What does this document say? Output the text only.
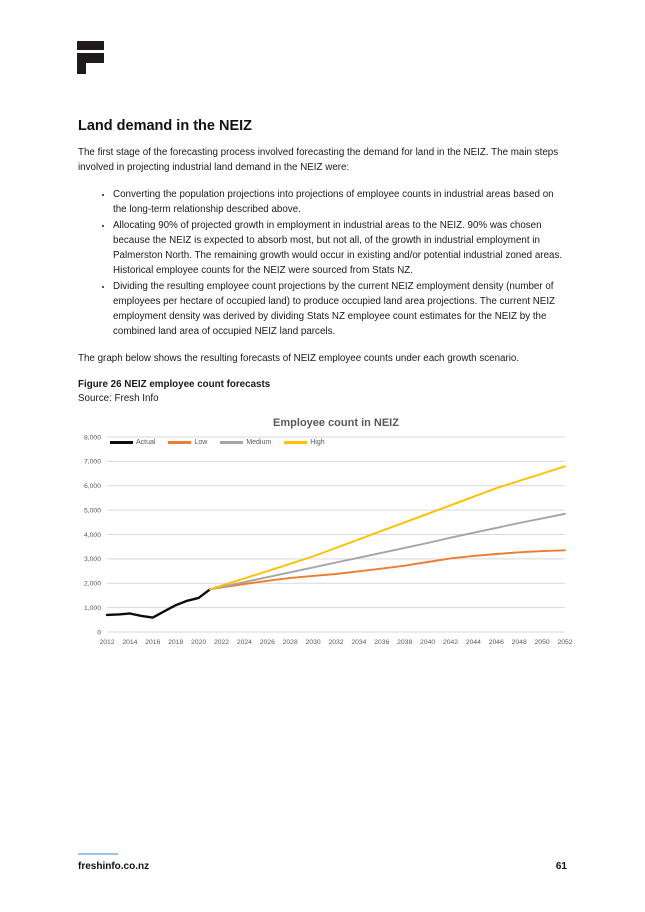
Land demand in the NEIZ

The first stage of the forecasting process involved forecasting the demand for land in the NEIZ. The main steps involved in projecting industrial land demand in the NEIZ were:

• Converting the population projections into projections of employee counts in industrial areas based on the long-term relationship described above.
• Allocating 90% of projected growth in employment in industrial areas to the NEIZ. 90% was chosen because the NEIZ is expected to absorb most, but not all, of the growth in industrial employment in Palmerston North. The remaining growth would occur in existing and/or potential industrial zoned areas. Historical employee counts for the NEIZ were sourced from Stats NZ.
• Dividing the resulting employee count projections by the current NEIZ employment density (number of employees per hectare of occupied land) to produce occupied land area projections. The current NEIZ employment density was derived by dividing Stats NZ employee count estimates for the NEIZ by the combined land area of occupied NEIZ land parcels.

The graph below shows the resulting forecasts of NEIZ employee counts under each growth scenario.

Figure 26 NEIZ employee count forecasts

Source: Fresh Info

Employee count in NEIZ
0
1,000
2,000
3,000
4,000
5,000
6,000
7,000
8,000
2012 2014 2016 2018 2020 2022 2024 2026 2028 2030 2032 2034 2036 2038 2040 2042 2044 2046 2048 2050 2052
Actual	Low	Medium	High
freshinfo.co.nz	61
